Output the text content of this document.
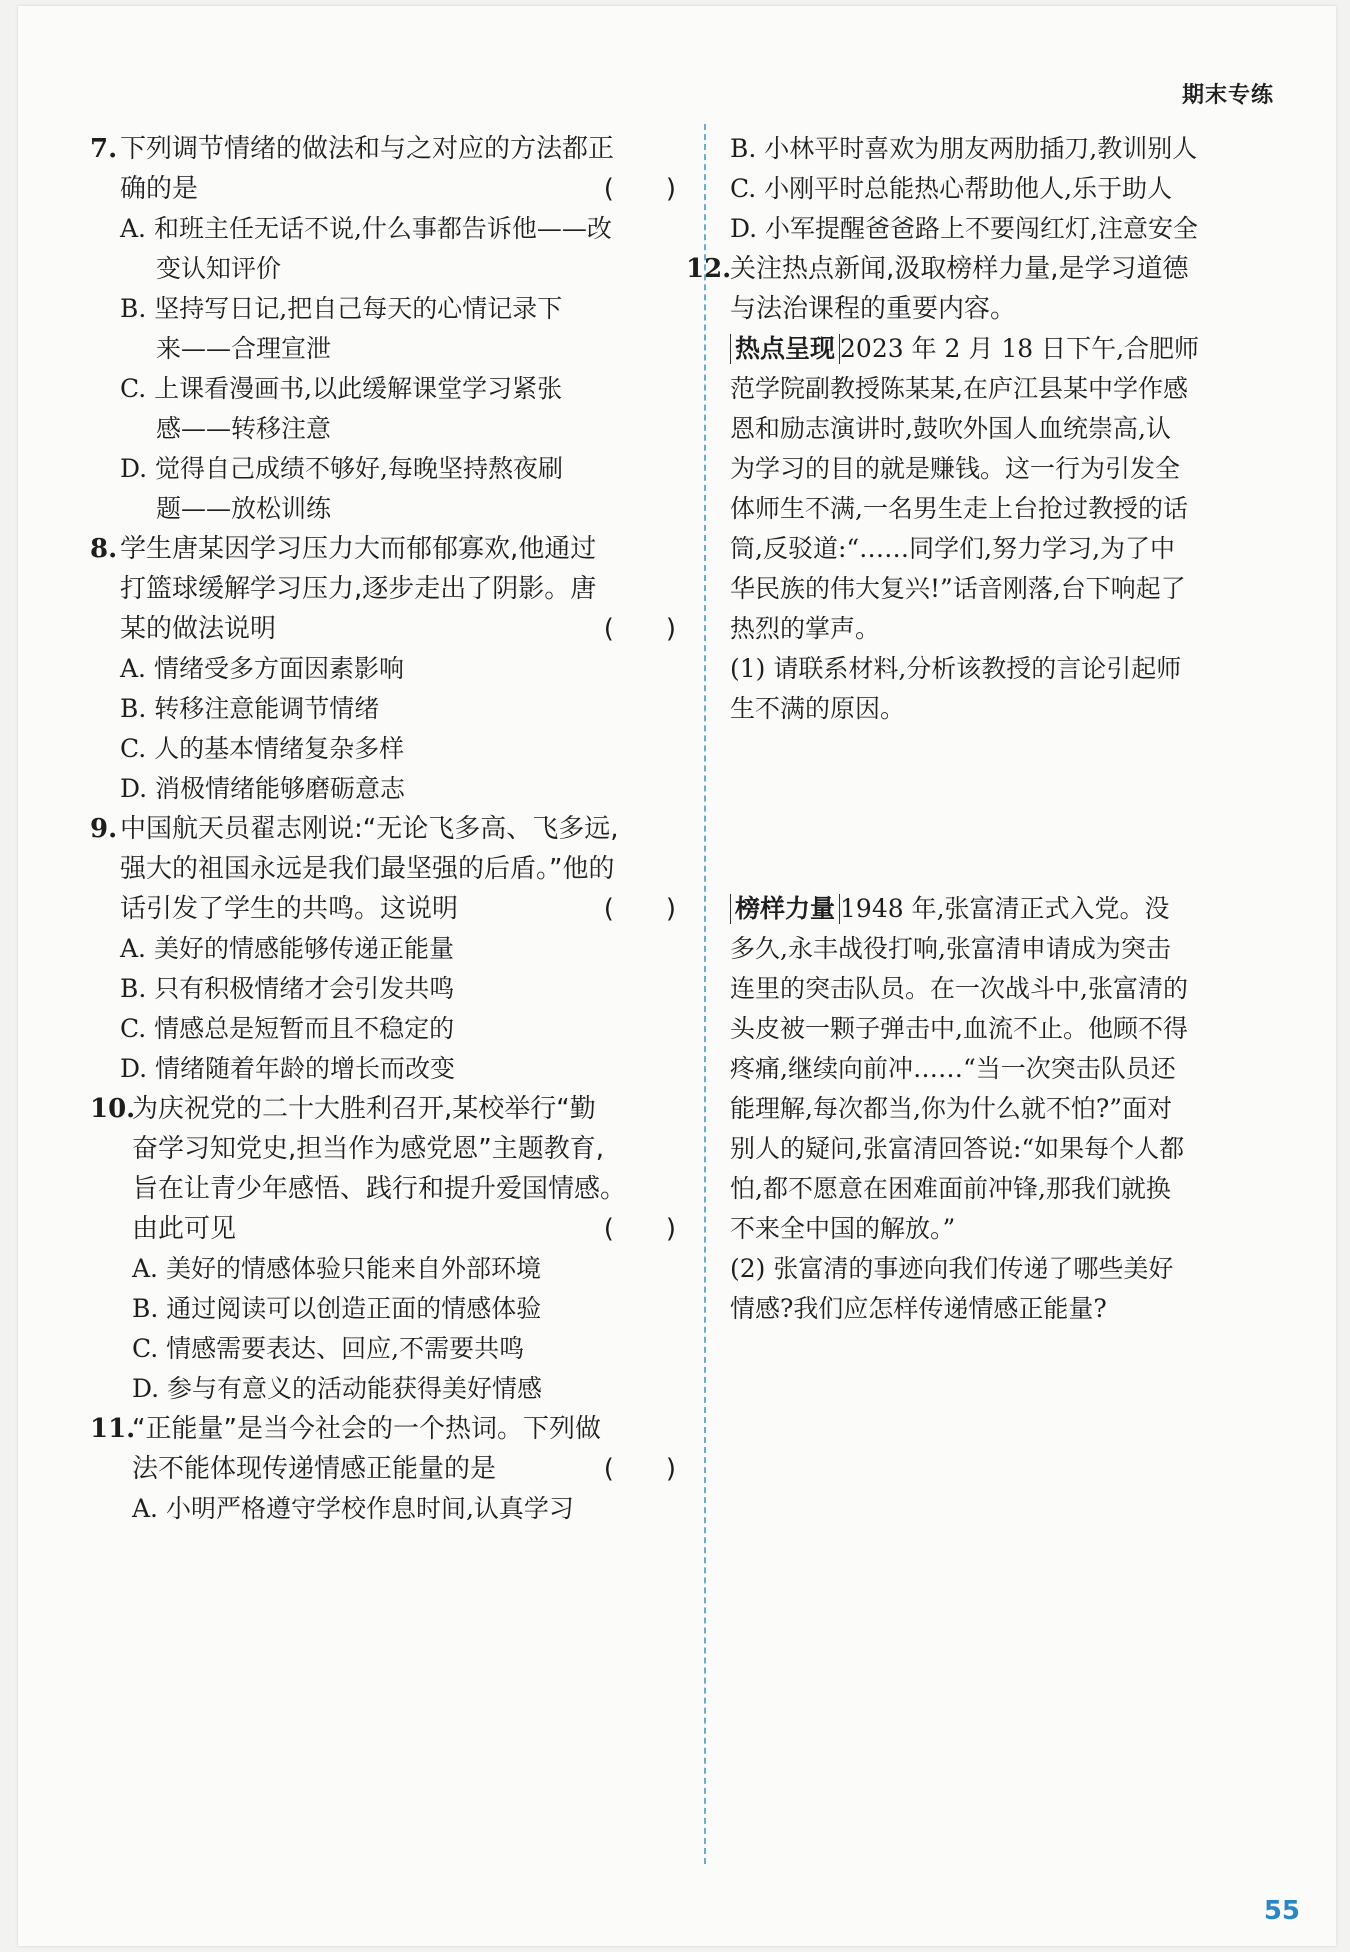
期末专练
7. 下列调节情绪的做法和与之对应的方法都正
确的是	(  )
A. 和班主任无话不说,什么事都告诉他——改
变认知评价
B. 坚持写日记,把自己每天的心情记录下
来——合理宣泄
C. 上课看漫画书,以此缓解课堂学习紧张
感——转移注意
D. 觉得自己成绩不够好,每晚坚持熬夜刷
题——放松训练
8. 学生唐某因学习压力大而郁郁寡欢,他通过
打篮球缓解学习压力,逐步走出了阴影。唐
某的做法说明	(  )
A. 情绪受多方面因素影响
B. 转移注意能调节情绪
C. 人的基本情绪复杂多样
D. 消极情绪能够磨砺意志
9. 中国航天员翟志刚说:“无论飞多高、飞多远,
强大的祖国永远是我们最坚强的后盾。”他的
话引发了学生的共鸣。这说明	(  )
A. 美好的情感能够传递正能量
B. 只有积极情绪才会引发共鸣
C. 情感总是短暂而且不稳定的
D. 情绪随着年龄的增长而改变
10.为庆祝党的二十大胜利召开,某校举行“勤
奋学习知党史,担当作为感党恩”主题教育,
旨在让青少年感悟、践行和提升爱国情感。
由此可见	(  )
A. 美好的情感体验只能来自外部环境
B. 通过阅读可以创造正面的情感体验
C. 情感需要表达、回应,不需要共鸣
D. 参与有意义的活动能获得美好情感
11.“正能量”是当今社会的一个热词。下列做
法不能体现传递情感正能量的是	(  )
A. 小明严格遵守学校作息时间,认真学习
B. 小林平时喜欢为朋友两肋插刀,教训别人
C. 小刚平时总能热心帮助他人,乐于助人
D. 小军提醒爸爸路上不要闯红灯,注意安全
12.关注热点新闻,汲取榜样力量,是学习道德
与法治课程的重要内容。
热点呈现 2023 年 2 月 18 日下午,合肥师
范学院副教授陈某某,在庐江县某中学作感
恩和励志演讲时,鼓吹外国人血统崇高,认
为学习的目的就是赚钱。这一行为引发全
体师生不满,一名男生走上台抢过教授的话
筒,反驳道:“……同学们,努力学习,为了中
华民族的伟大复兴!”话音刚落,台下响起了
热烈的掌声。
(1) 请联系材料,分析该教授的言论引起师
生不满的原因。
榜样力量 1948 年,张富清正式入党。没
多久,永丰战役打响,张富清申请成为突击
连里的突击队员。在一次战斗中,张富清的
头皮被一颗子弹击中,血流不止。他顾不得
疼痛,继续向前冲……“当一次突击队员还
能理解,每次都当,你为什么就不怕?”面对
别人的疑问,张富清回答说:“如果每个人都
怕,都不愿意在困难面前冲锋,那我们就换
不来全中国的解放。”
(2) 张富清的事迹向我们传递了哪些美好
情感?我们应怎样传递情感正能量?
55
